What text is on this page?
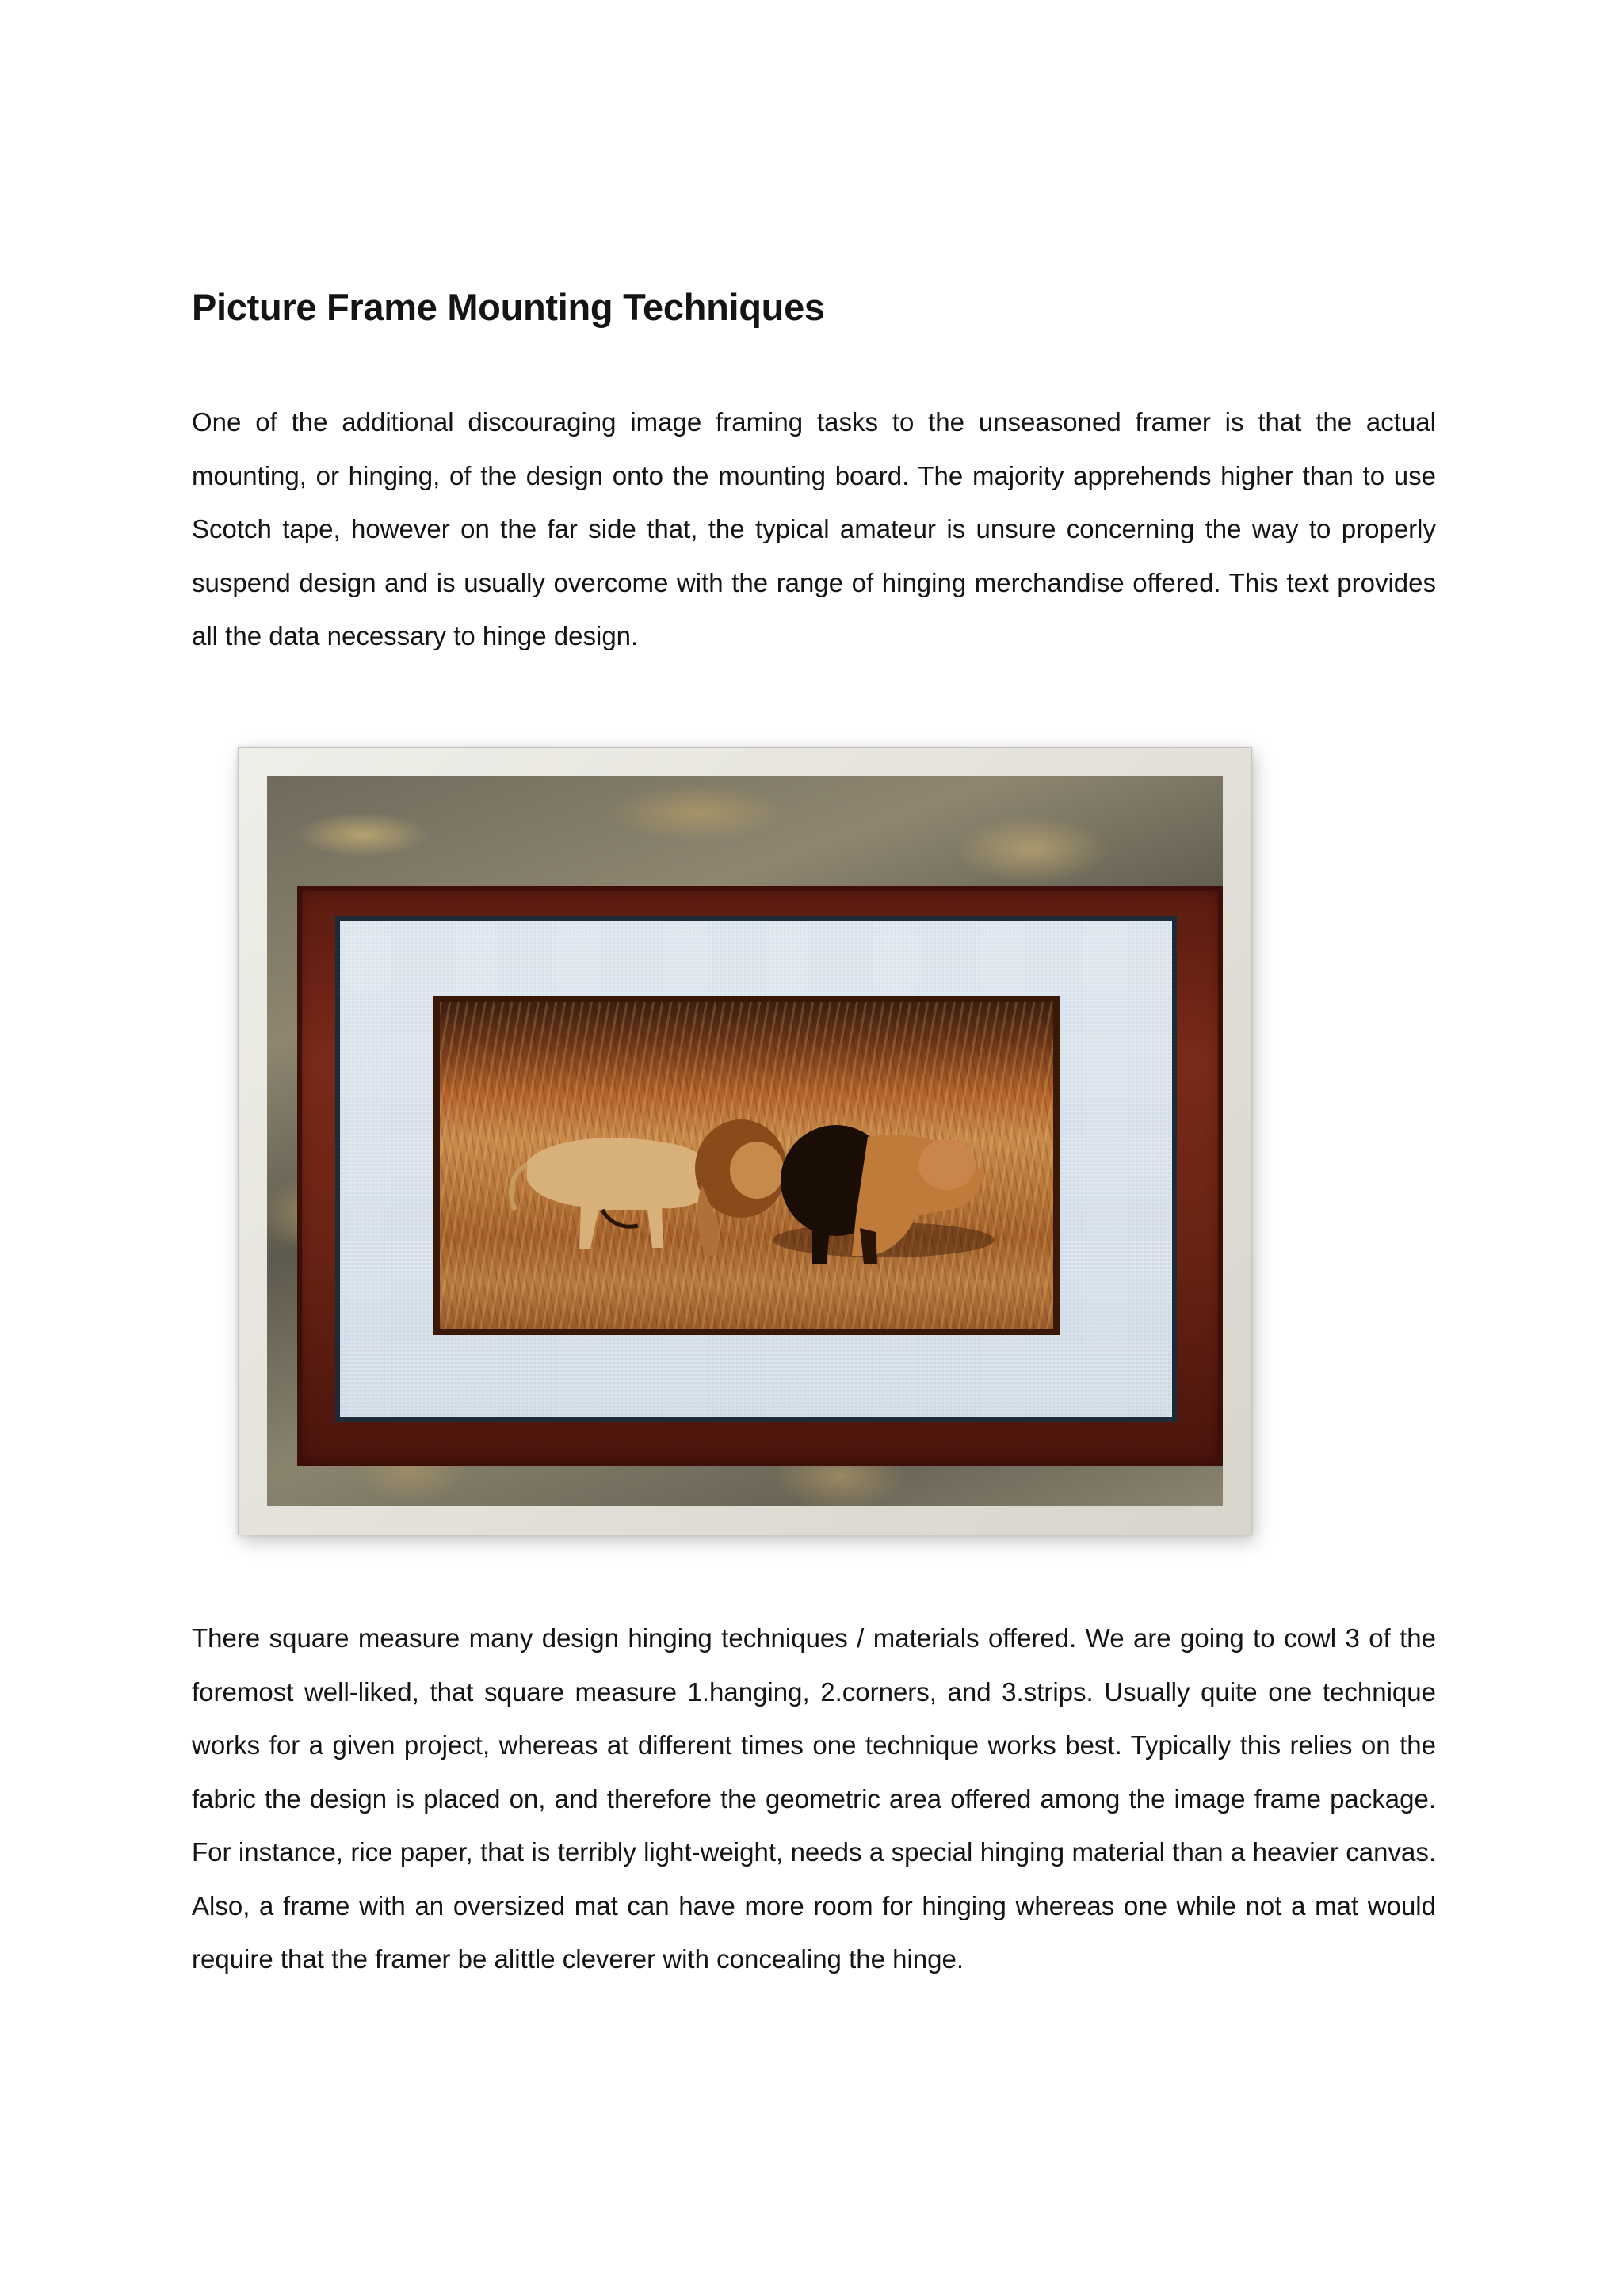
Picture Frame Mounting Techniques

One of the additional discouraging image framing tasks to the unseasoned framer is that the actual mounting, or hinging, of the design onto the mounting board. The majority apprehends higher than to use Scotch tape, however on the far side that, the typical amateur is unsure concerning the way to properly suspend design and is usually overcome with the range of hinging merchandise offered. This text provides all the data necessary to hinge design.

There square measure many design hinging techniques / materials offered. We are going to cowl 3 of the foremost well-liked, that square measure 1.hanging, 2.corners, and 3.strips. Usually quite one technique works for a given project, whereas at different times one technique works best. Typically this relies on the fabric the design is placed on, and therefore the geometric area offered among the image frame package. For instance, rice paper, that is terribly light-weight, needs a special hinging material than a heavier canvas. Also, a frame with an oversized mat can have more room for hinging whereas one while not a mat would require that the framer be alittle cleverer with concealing the hinge.
